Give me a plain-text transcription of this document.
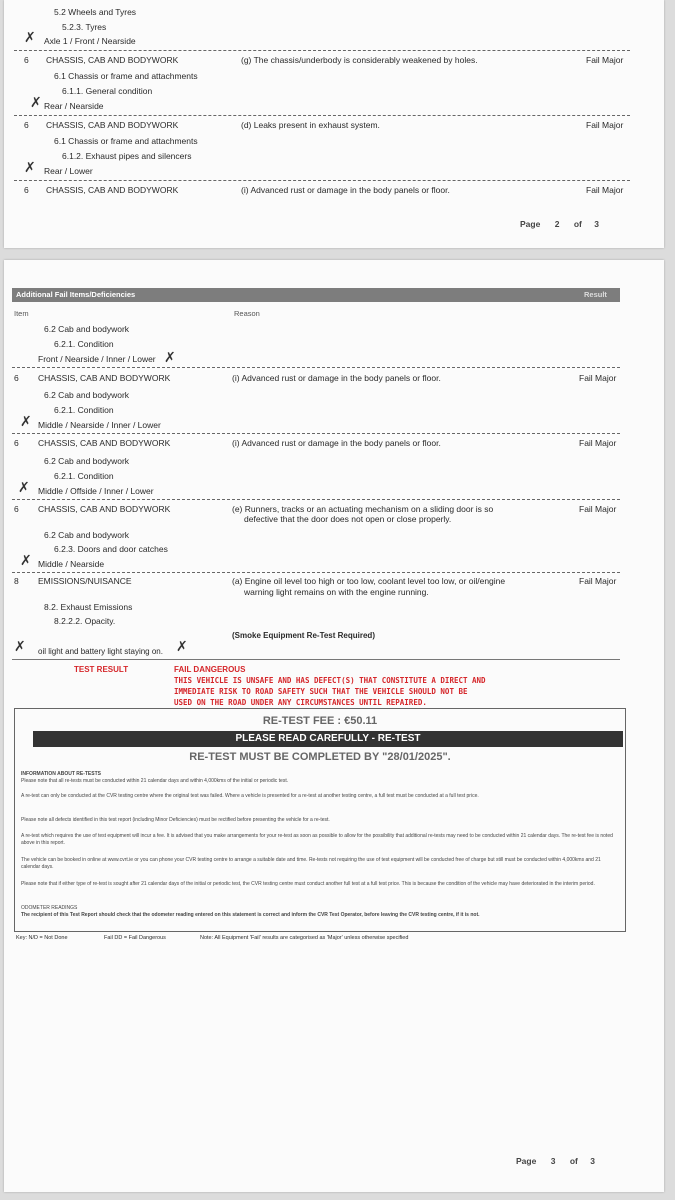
5.2 Wheels and Tyres
5.2.3. Tyres
✗ Axle 1 / Front / Nearside
6 CHASSIS, CAB AND BODYWORK	(g) The chassis/underbody is considerably weakened by holes.	Fail Major
6.1 Chassis or frame and attachments
6.1.1. General condition
✗ Rear / Nearside
6 CHASSIS, CAB AND BODYWORK	(d) Leaks present in exhaust system.	Fail Major
6.1 Chassis or frame and attachments
6.1.2. Exhaust pipes and silencers
✗ Rear / Lower
6 CHASSIS, CAB AND BODYWORK	(i) Advanced rust or damage in the body panels or floor.	Fail Major
Page 2 of 3
Additional Fail Items/Deficiencies	Result
Item	Reason
6.2 Cab and bodywork
6.2.1. Condition
Front / Nearside / Inner / Lower ✗
6 CHASSIS, CAB AND BODYWORK	(i) Advanced rust or damage in the body panels or floor.	Fail Major
6.2 Cab and bodywork
6.2.1. Condition
✗ Middle / Nearside / Inner / Lower
6 CHASSIS, CAB AND BODYWORK	(i) Advanced rust or damage in the body panels or floor.	Fail Major
6.2 Cab and bodywork
6.2.1. Condition
✗ Middle / Offside / Inner / Lower
6 CHASSIS, CAB AND BODYWORK	(e) Runners, tracks or an actuating mechanism on a sliding door is so
defective that the door does not open or close properly.
Fail Major
6.2 Cab and bodywork
6.2.3. Doors and door catches
✗ Middle / Nearside
8 EMISSIONS/NUISANCE	(a) Engine oil level too high or too low, coolant level too low, or oil/engine
warning light remains on with the engine running.
Fail Major
8.2. Exhaust Emissions
8.2.2.2. Opacity.
(Smoke Equipment Re-Test Required)
✗ oil light and battery light staying on. ✗
TEST RESULT	FAIL DANGEROUS
THIS VEHICLE IS UNSAFE AND HAS DEFECT(S) THAT CONSTITUTE A DIRECT AND
IMMEDIATE RISK TO ROAD SAFETY SUCH THAT THE VEHICLE SHOULD NOT BE
USED ON THE ROAD UNDER ANY CIRCUMSTANCES UNTIL REPAIRED.
RE-TEST FEE : €50.11
PLEASE READ CAREFULLY - RE-TEST
RE-TEST MUST BE COMPLETED BY "28/01/2025".
INFORMATION ABOUT RE-TESTS
Please note that all re-tests must be conducted within 21 calendar days and within 4,000kms of the initial or periodic test.
A re-test can only be conducted at the CVR testing centre where the original test was failed. Where a vehicle is presented for a re-test at another testing centre, a full test must be conducted at a full test price.
Please note all defects identified in this test report (including Minor Deficiencies) must be rectified before presenting the vehicle for a re-test.
A re-test which requires the use of test equipment will incur a fee. It is advised that you make arrangements for your re-test as soon as possible to allow for the possibility that additional re-tests may need to be conducted within 21 calendar days. The re-test fee is noted above in this report.
The vehicle can be booked in online at www.cvrt.ie or you can phone your CVR testing centre to arrange a suitable date and time. Re-tests not requiring the use of test equipment will be conducted free of charge but still must be conducted within 4,000kms and 21 calendar days.
Please note that if either type of re-test is sought after 21 calendar days of the initial or periodic test, the CVR testing centre must conduct another full test at a full test price. This is because the condition of the vehicle may have deteriorated in the interim period.
ODOMETER READINGS
The recipient of this Test Report should check that the odometer reading entered on this statement is correct and inform the CVR Test Operator, before leaving the CVR testing centre, if it is not.
Key: N/D = Not Done	Fail DD = Fail Dangerous	Note: All Equipment 'Fail' results are categorised as 'Major' unless otherwise specified
Page 3 of 3
